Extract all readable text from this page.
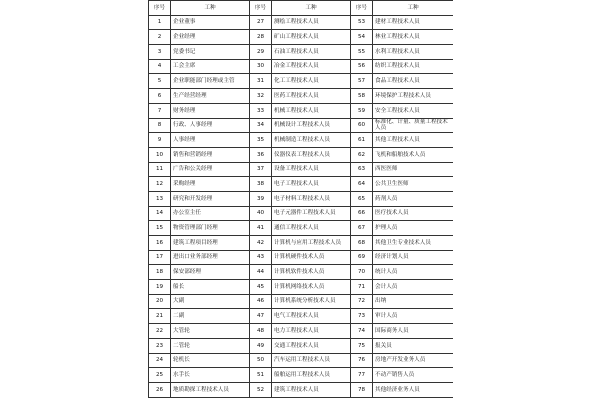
序号	工种	序号	工种	序号	工种
1	企业董事	27	测绘工程技术人员	53	建材工程技术人员
2	企业经理	28	矿山工程技术人员	54	林业工程技术人员
3	党委书记	29	石油工程技术人员	55	水利工程技术人员
4	工会主席	30	冶金工程技术人员	56	纺织工程技术人员
5	企业职能部门经理或主管	31	化工工程技术人员	57	食品工程技术人员
6	生产经营经理	32	医药工程技术人员	58	环境保护工程技术人员
7	财务经理	33	机械工程技术人员	59	安全工程技术人员
8	行政、人事经理	34	机械设计工程技术人员	60	标准化、计量、质量工程技术人员
9	人事经理	35	机械制造工程技术人员	61	其他工程技术人员
10	销售和营销经理	36	仪器仪表工程技术人员	62	飞机和船舶技术人员
11	广告和公关经理	37	设备工程技术人员	63	西医医师
12	采购经理	38	电子工程技术人员	64	公共卫生医师
13	研究和开发经理	39	电子材料工程技术人员	65	药剂人员
14	办公室主任	40	电子元器件工程技术人员	66	医疗技术人员
15	物资管理部门经理	41	通信工程技术人员	67	护理人员
16	建筑工程项目经理	42	计算机与应用工程技术人员	68	其他卫生专业技术人员
17	进出口业务部经理	43	计算机硬件技术人员	69	经济计划人员
18	保安部经理	44	计算机软件技术人员	70	统计人员
19	船长	45	计算机网络技术人员	71	会计人员
20	大副	46	计算机系统分析技术人员	72	出纳
21	二副	47	电气工程技术人员	73	审计人员
22	大管轮	48	电力工程技术人员	74	国际商务人员
23	二管轮	49	交通工程技术人员	75	报关员
24	轮机长	50	汽车运用工程技术人员	76	房地产开发业务人员
25	水手长	51	船舶运用工程技术人员	77	不动产销售人员
26	地质勘探工程技术人员	52	建筑工程技术人员	78	其他经济业务人员
